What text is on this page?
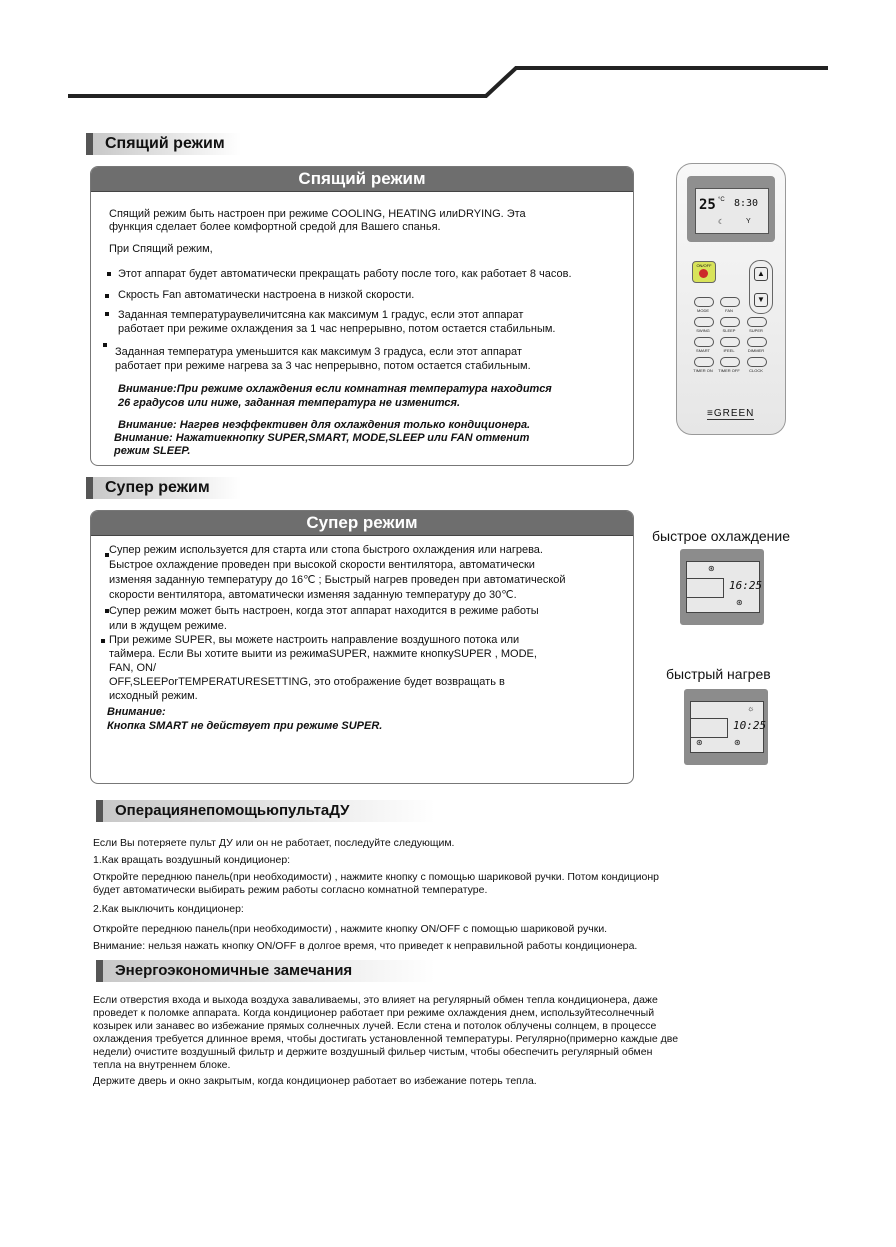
Спящий режим
Спящий режим
Спящий режим быть настроен при режиме COOLING, HEATING илиDRYING. Эта
функция сделает более комфортной средой для Вашего спанья.
При Спящий режим,
Этот аппарат будет автоматически прекращать работу после того, как работает 8 часов.
Скрость Fan автоматически настроена в низкой скорости.
Заданная температураувеличитсяна как максимум 1 градус, если этот аппарат
работает при режиме охлаждения за 1 час непрерывно, потом остается стабильным.
Заданная температура уменьшится как максимум 3 градуса, если этот аппарат
работает при режиме нагрева за 3 час непрерывно, потом остается стабильным.
Внимание:При режиме охлаждения если комнатная температура находится
26 градусов или ниже, заданная температура не изменится.
Внимание: Нагрев неэффективен для охлаждения только кондиционера.
Внимание: Нажатиекнопку SUPER,SMART, MODE,SLEEP или FAN отменит
режим SLEEP.
25 °C 8:30
☾	Y
ON/OFF
▲
▼
MODE	FAN
SWING	SLEEP	SUPER
SMART	IFEEL	DIMMER
TIMER ON	TIMER OFF	CLOCK
≡GREEN
Супер режим
Супер режим
Супер режим используется для старта или стопа быстрого охлаждения или нагрева.
Быстрое охлаждение проведен при высокой скорости вентилятора, автоматически
изменяя заданную температуру до 16℃ ; Быстрый нагрев проведен при автоматической
скорости вентилятора, автоматически изменяя заданную температуру до 30℃.
Супер режим может быть настроен, когда этот аппарат находится в режиме работы
или в ждущем режиме.
При режиме SUPER, вы можете настроить направление воздушного потока или
таймера. Если Вы хотите выити из режимаSUPER, нажмите кнопкуSUPER , MODE,
FAN, ON/
OFF,SLEEPorTEMPERATURESETTING, это отображение будет возвращать в
исходный режим.
Внимание:
Кнопка SMART не действует при режиме SUPER.
быстрое охлаждение
⊛
16:25
⊛
быстрый нагрев
☼
10:25
⊛	⊛
ОперациянепомощьюпультаДУ
Если Вы потеряете пульт ДУ или он не работает, последуйте следующим.
1.Как вращать воздушный кондиционер:
Откройте переднюю панель(при необходимости) , нажмите кнопку с помощью шариковой ручки. Потом кондиционр
будет автоматически выбирать режим работы согласно комнатной температуре.
2.Как выключить кондиционер:
Откройте переднюю панель(при необходимости) , нажмите кнопку ON/OFF с помощью шариковой ручки.
Внимание: нельзя нажать кнопку ON/OFF в долгое время, что приведет к неправильной работы кондиционера.
Энергоэкономичные замечания
Если отверстия входа и выхода воздуха заваливаемы, это влияет на регулярный обмен тепла кондиционера, даже
проведет к поломке аппарата. Когда кондиционер работает при режиме охлаждения днем, используйтесолнечный
козырек или занавес во избежание прямых солнечных лучей. Если стена и потолок облучены солнцем, в процессе
охлаждения требуется длинное время, чтобы достигать установленной температуры. Регулярно(примерно каждые две
недели) очистите воздушный фильтр и держите воздушный фильер чистым, чтобы обеспечить регулярный обмен
тепла на внутреннем блоке.
Держите дверь и окно закрытым, когда кондиционер работает во избежание потерь тепла.
